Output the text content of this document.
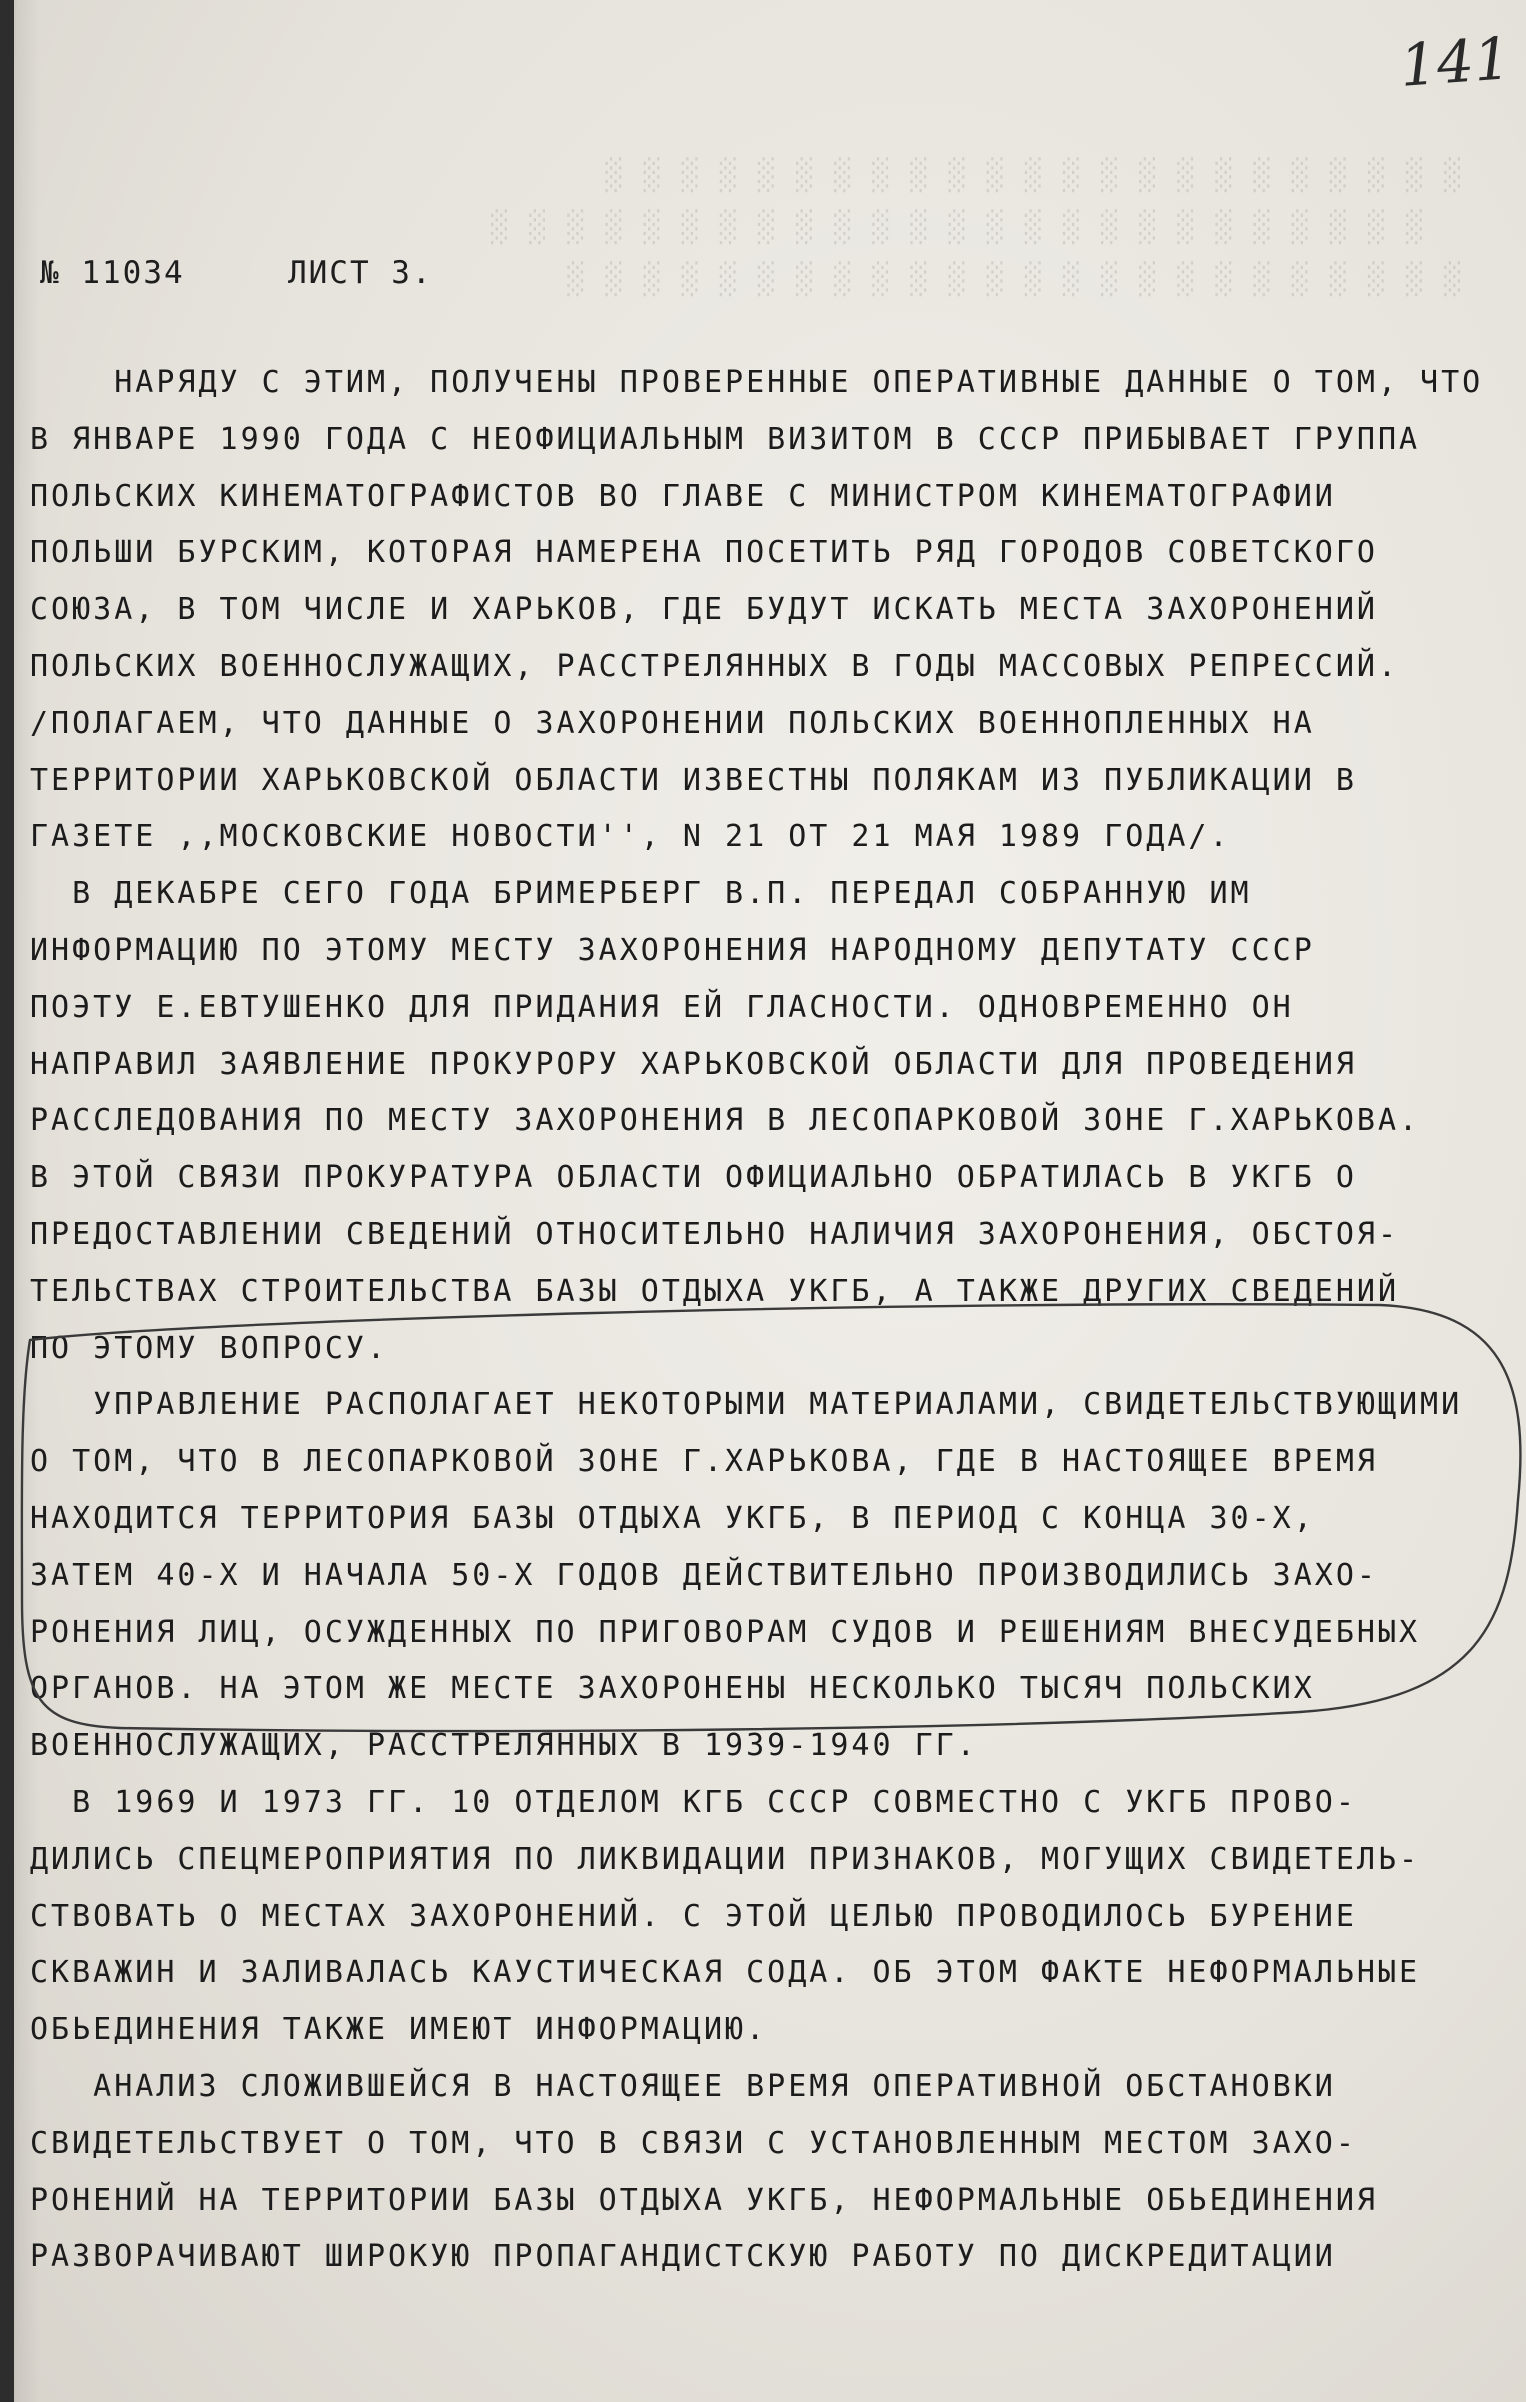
░ ░ ░ ░ ░ ░ ░ ░ ░ ░ ░ ░ ░ ░ ░ ░ ░ ░ ░ ░ ░ ░ ░
░ ░ ░ ░ ░ ░ ░ ░ ░ ░ ░ ░ ░ ░ ░ ░ ░ ░ ░ ░ ░ ░ ░ ░ ░
░ ░ ░ ░ ░ ░ ░ ░ ░ ░ ░ ░ ░ ░ ░ ░ ░ ░ ░ ░ ░ ░ ░ ░
141
№ 11034	ЛИСТ 3.
НАРЯДУ С ЭТИМ, ПОЛУЧЕНЫ ПРОВЕРЕННЫЕ ОПЕРАТИВНЫЕ ДАННЫЕ О ТОМ, ЧТО
В ЯНВАРЕ 1990 ГОДА С НЕОФИЦИАЛЬНЫМ ВИЗИТОМ В СССР ПРИБЫВАЕТ ГРУППА
ПОЛЬСКИХ КИНЕМАТОГРАФИСТОВ ВО ГЛАВЕ С МИНИСТРОМ КИНЕМАТОГРАФИИ
ПОЛЬШИ БУРСКИМ, КОТОРАЯ НАМЕРЕНА ПОСЕТИТЬ РЯД ГОРОДОВ СОВЕТСКОГО
СОЮЗА, В ТОМ ЧИСЛЕ И ХАРЬКОВ, ГДЕ БУДУТ ИСКАТЬ МЕСТА ЗАХОРОНЕНИЙ
ПОЛЬСКИХ ВОЕННОСЛУЖАЩИХ, РАССТРЕЛЯННЫХ В ГОДЫ МАССОВЫХ РЕПРЕССИЙ.
/ПОЛАГАЕМ, ЧТО ДАННЫЕ О ЗАХОРОНЕНИИ ПОЛЬСКИХ ВОЕННОПЛЕННЫХ НА
ТЕРРИТОРИИ ХАРЬКОВСКОЙ ОБЛАСТИ ИЗВЕСТНЫ ПОЛЯКАМ ИЗ ПУБЛИКАЦИИ В
ГАЗЕТЕ ,,МОСКОВСКИЕ НОВОСТИ'', N 21 ОТ 21 МАЯ 1989 ГОДА/.
В ДЕКАБРЕ СЕГО ГОДА БРИМЕРБЕРГ В.П. ПЕРЕДАЛ СОБРАННУЮ ИМ
ИНФОРМАЦИЮ ПО ЭТОМУ МЕСТУ ЗАХОРОНЕНИЯ НАРОДНОМУ ДЕПУТАТУ СССР
ПОЭТУ Е.ЕВТУШЕНКО ДЛЯ ПРИДАНИЯ ЕЙ ГЛАСНОСТИ. ОДНОВРЕМЕННО ОН
НАПРАВИЛ ЗАЯВЛЕНИЕ ПРОКУРОРУ ХАРЬКОВСКОЙ ОБЛАСТИ ДЛЯ ПРОВЕДЕНИЯ
РАССЛЕДОВАНИЯ ПО МЕСТУ ЗАХОРОНЕНИЯ В ЛЕСОПАРКОВОЙ ЗОНЕ Г.ХАРЬКОВА.
В ЭТОЙ СВЯЗИ ПРОКУРАТУРА ОБЛАСТИ ОФИЦИАЛЬНО ОБРАТИЛАСЬ В УКГБ О
ПРЕДОСТАВЛЕНИИ СВЕДЕНИЙ ОТНОСИТЕЛЬНО НАЛИЧИЯ ЗАХОРОНЕНИЯ, ОБСТОЯ-
ТЕЛЬСТВАХ СТРОИТЕЛЬСТВА БАЗЫ ОТДЫХА УКГБ, А ТАКЖЕ ДРУГИХ СВЕДЕНИЙ
ПО ЭТОМУ ВОПРОСУ.
УПРАВЛЕНИЕ РАСПОЛАГАЕТ НЕКОТОРЫМИ МАТЕРИАЛАМИ, СВИДЕТЕЛЬСТВУЮЩИМИ
О ТОМ, ЧТО В ЛЕСОПАРКОВОЙ ЗОНЕ Г.ХАРЬКОВА, ГДЕ В НАСТОЯЩЕЕ ВРЕМЯ
НАХОДИТСЯ ТЕРРИТОРИЯ БАЗЫ ОТДЫХА УКГБ, В ПЕРИОД С КОНЦА 30-Х,
ЗАТЕМ 40-Х И НАЧАЛА 50-Х ГОДОВ ДЕЙСТВИТЕЛЬНО ПРОИЗВОДИЛИСЬ ЗАХО-
РОНЕНИЯ ЛИЦ, ОСУЖДЕННЫХ ПО ПРИГОВОРАМ СУДОВ И РЕШЕНИЯМ ВНЕСУДЕБНЫХ
ОРГАНОВ. НА ЭТОМ ЖЕ МЕСТЕ ЗАХОРОНЕНЫ НЕСКОЛЬКО ТЫСЯЧ ПОЛЬСКИХ
ВОЕННОСЛУЖАЩИХ, РАССТРЕЛЯННЫХ В 1939-1940 ГГ.
В 1969 И 1973 ГГ. 10 ОТДЕЛОМ КГБ СССР СОВМЕСТНО С УКГБ ПРОВО-
ДИЛИСЬ СПЕЦМЕРОПРИЯТИЯ ПО ЛИКВИДАЦИИ ПРИЗНАКОВ, МОГУЩИХ СВИДЕТЕЛЬ-
СТВОВАТЬ О МЕСТАХ ЗАХОРОНЕНИЙ. С ЭТОЙ ЦЕЛЬЮ ПРОВОДИЛОСЬ БУРЕНИЕ
СКВАЖИН И ЗАЛИВАЛАСЬ КАУСТИЧЕСКАЯ СОДА. ОБ ЭТОМ ФАКТЕ НЕФОРМАЛЬНЫЕ
ОБЬЕДИНЕНИЯ ТАКЖЕ ИМЕЮТ ИНФОРМАЦИЮ.
АНАЛИЗ СЛОЖИВШЕЙСЯ В НАСТОЯЩЕЕ ВРЕМЯ ОПЕРАТИВНОЙ ОБСТАНОВКИ
СВИДЕТЕЛЬСТВУЕТ О ТОМ, ЧТО В СВЯЗИ С УСТАНОВЛЕННЫМ МЕСТОМ ЗАХО-
РОНЕНИЙ НА ТЕРРИТОРИИ БАЗЫ ОТДЫХА УКГБ, НЕФОРМАЛЬНЫЕ ОБЬЕДИНЕНИЯ
РАЗВОРАЧИВАЮТ ШИРОКУЮ ПРОПАГАНДИСТСКУЮ РАБОТУ ПО ДИСКРЕДИТАЦИИ
